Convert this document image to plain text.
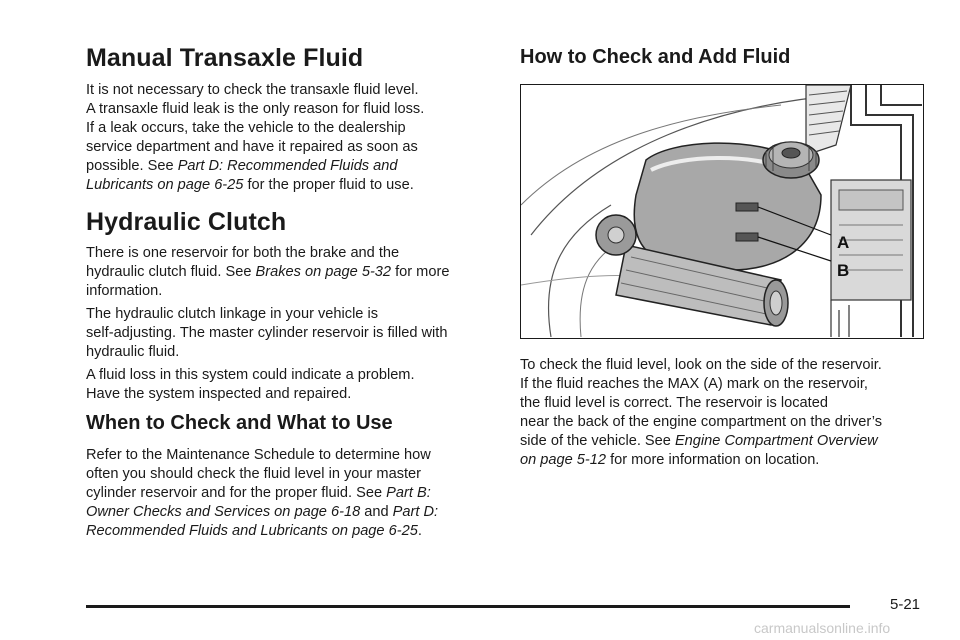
Manual Transaxle Fluid
It is not necessary to check the transaxle fluid level.
A transaxle fluid leak is the only reason for fluid loss.
If a leak occurs, take the vehicle to the dealership
service department and have it repaired as soon as
possible. See Part D: Recommended Fluids and
Lubricants on page 6-25 for the proper fluid to use.
Hydraulic Clutch
There is one reservoir for both the brake and the
hydraulic clutch fluid. See Brakes on page 5-32 for more
information.
The hydraulic clutch linkage in your vehicle is
self-adjusting. The master cylinder reservoir is filled with
hydraulic fluid.
A fluid loss in this system could indicate a problem.
Have the system inspected and repaired.
When to Check and What to Use
Refer to the Maintenance Schedule to determine how
often you should check the fluid level in your master
cylinder reservoir and for the proper fluid. See Part B:
Owner Checks and Services on page 6-18 and Part D:
Recommended Fluids and Lubricants on page 6-25.
How to Check and Add Fluid
To check the fluid level, look on the side of the reservoir.
If the fluid reaches the MAX (A) mark on the reservoir,
the fluid level is correct. The reservoir is located
near the back of the engine compartment on the driver’s
side of the vehicle. See Engine Compartment Overview
on page 5-12 for more information on location.
A
B
5-21
carmanualsonline.info
